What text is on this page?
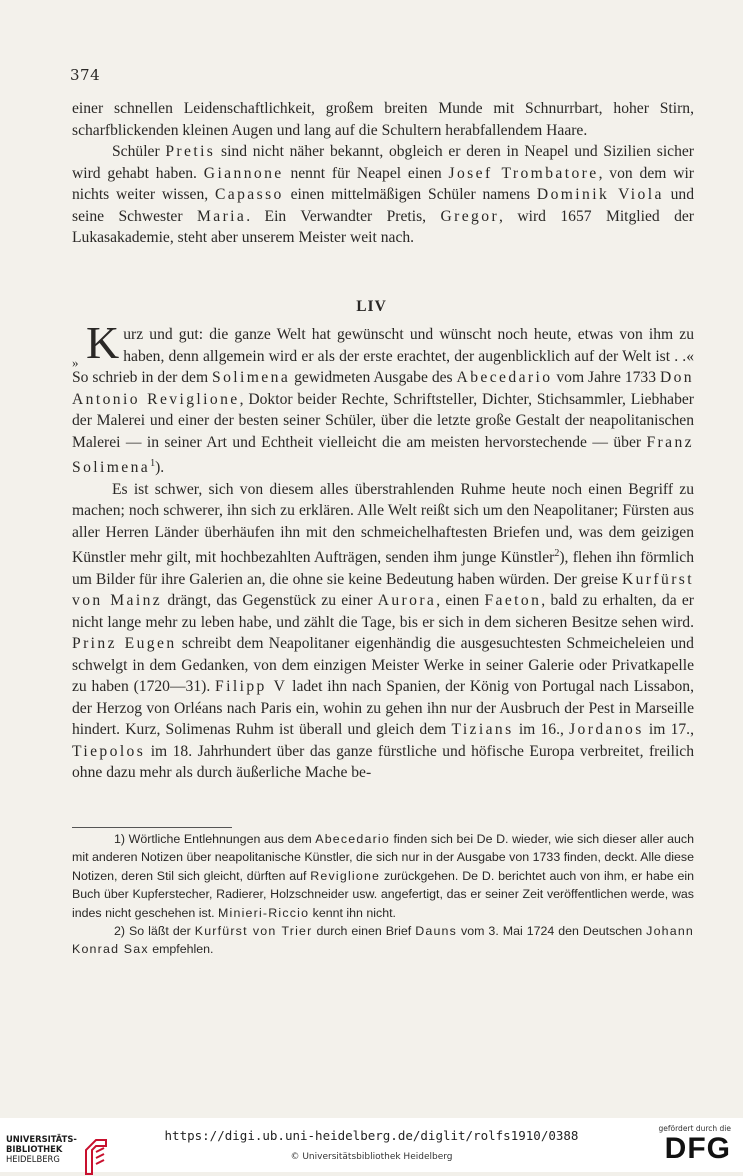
374

einer schnellen Leidenschaftlichkeit, großem breiten Munde mit Schnurrbart, hoher Stirn, scharfblickenden kleinen Augen und lang auf die Schultern herabfallendem Haare.

Schüler Pretis sind nicht näher bekannt, obgleich er deren in Neapel und Sizilien sicher wird gehabt haben. Giannone nennt für Neapel einen Josef Trombatore, von dem wir nichts weiter wissen, Capasso einen mittelmäßigen Schüler namens Dominik Viola und seine Schwester Maria. Ein Verwandter Pretis, Gregor, wird 1657 Mitglied der Lukasakademie, steht aber unserem Meister weit nach.

LIV

» K urz und gut: die ganze Welt hat gewünscht und wünscht noch heute, etwas von ihm zu haben, denn allgemein wird er als der erste erachtet, der augenblicklich auf der Welt ist . .« So schrieb in der dem Solimena gewidmeten Ausgabe des Abecedario vom Jahre 1733 Don Antonio Reviglione, Doktor beider Rechte, Schriftsteller, Dichter, Stichsammler, Liebhaber der Malerei und einer der besten seiner Schüler, über die letzte große Gestalt der neapolitanischen Malerei — in seiner Art und Echtheit vielleicht die am meisten hervorstechende — über Franz Solimena$^1$).

Es ist schwer, sich von diesem alles überstrahlenden Ruhme heute noch einen Begriff zu machen; noch schwerer, ihn sich zu erklären. Alle Welt reißt sich um den Neapolitaner; Fürsten aus aller Herren Länder überhäufen ihn mit den schmeichelhaftesten Briefen und, was dem geizigen Künstler mehr gilt, mit hochbezahlten Aufträgen, senden ihm junge Künstler$^2$), flehen ihn förmlich um Bilder für ihre Galerien an, die ohne sie keine Bedeutung haben würden. Der greise Kurfürst von Mainz drängt, das Gegenstück zu einer Aurora, einen Faeton, bald zu erhalten, da er nicht lange mehr zu leben habe, und zählt die Tage, bis er sich in dem sicheren Besitze sehen wird. Prinz Eugen schreibt dem Neapolitaner eigenhändig die ausgesuchtesten Schmeicheleien und schwelgt in dem Gedanken, von dem einzigen Meister Werke in seiner Galerie oder Privatkapelle zu haben (1720—31). Filipp V ladet ihn nach Spanien, der König von Portugal nach Lissabon, der Herzog von Orléans nach Paris ein, wohin zu gehen ihn nur der Ausbruch der Pest in Marseille hindert. Kurz, Solimenas Ruhm ist überall und gleich dem Tizians im 16., Jordanos im 17., Tiepolos im 18. Jahrhundert über das ganze fürstliche und höfische Europa verbreitet, freilich ohne dazu mehr als durch äußerliche Mache be-

1) Wörtliche Entlehnungen aus dem Abecedario finden sich bei De D. wieder, wie sich dieser aller auch mit anderen Notizen über neapolitanische Künstler, die sich nur in der Ausgabe von 1733 finden, deckt. Alle diese Notizen, deren Stil sich gleicht, dürften auf Reviglione zurückgehen. De D. berichtet auch von ihm, er habe ein Buch über Kupferstecher, Radierer, Holzschneider usw. angefertigt, das er seiner Zeit veröffentlichen werde, was indes nicht geschehen ist. Minieri-Riccio kennt ihn nicht.

2) So läßt der Kurfürst von Trier durch einen Brief Dauns vom 3. Mai 1724 den Deutschen Johann Konrad Sax empfehlen.

UNIVERSITÄTS-
BIBLIOTHEK
HEIDELBERG
https://digi.ub.uni-heidelberg.de/diglit/rolfs1910/0388
© Universitätsbibliothek Heidelberg
gefördert durch die
DFG
